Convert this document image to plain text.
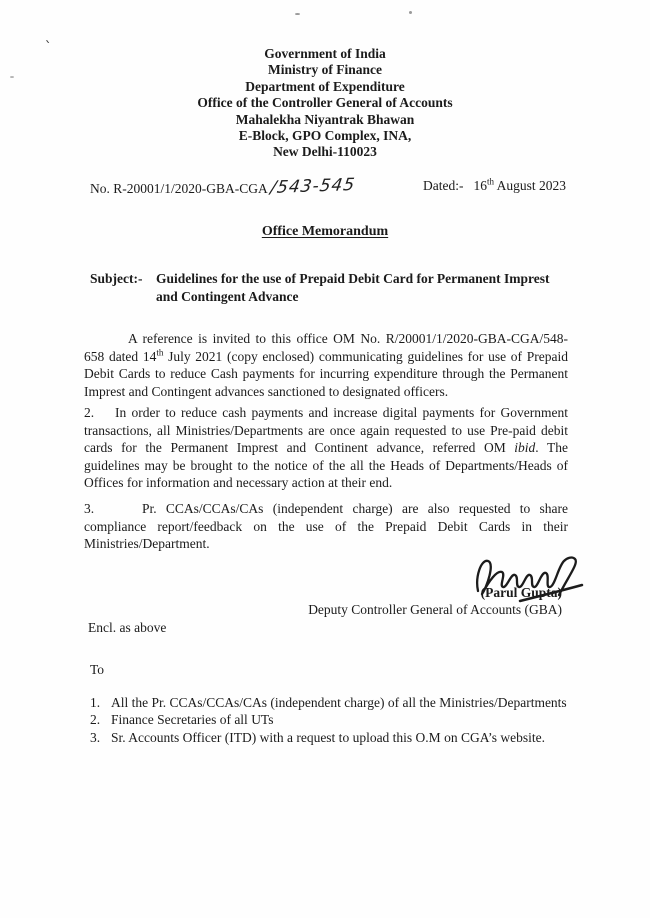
`	Government of India
Ministry of Finance
Department of Expenditure
Office of the Controller General of Accounts
Mahalekha Niyantrak Bhawan
E-Block, GPO Complex, INA,
New Delhi-110023
No. R-20001/1/2020-GBA-CGA/543-545	Dated:- 16th August 2023
Office Memorandum
Subject:-	Guidelines for the use of Prepaid Debit Card for Permanent Imprest and Contingent Advance
A reference is invited to this office OM No. R/20001/1/2020-GBA-CGA/548-658 dated 14th July 2021 (copy enclosed) communicating guidelines for use of Prepaid Debit Cards to reduce Cash payments for incurring expenditure through the Permanent Imprest and Contingent advances sanctioned to designated officers.
2. In order to reduce cash payments and increase digital payments for Government transactions, all Ministries/Departments are once again requested to use Pre-paid debit cards for the Permanent Imprest and Continent advance, referred OM ibid. The guidelines may be brought to the notice of the all the Heads of Departments/Heads of Offices for information and necessary action at their end.
3.	Pr. CCAs/CCAs/CAs (independent charge) are also requested to share compliance report/feedback on the use of the Prepaid Debit Cards in their Ministries/Department.
(Parul Gupta)
Deputy Controller General of Accounts (GBA)
Encl. as above
To
1. All the Pr. CCAs/CCAs/CAs (independent charge) of all the Ministries/Departments
2. Finance Secretaries of all UTs
3. Sr. Accounts Officer (ITD) with a request to upload this O.M on CGA’s website.
